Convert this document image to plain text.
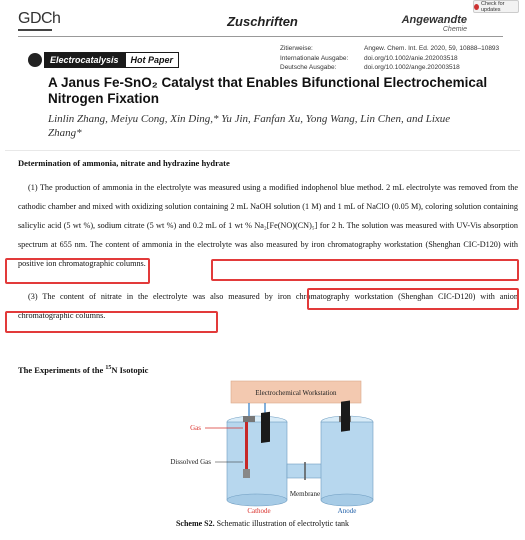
GDCh	Zuschriften	Angewandte
Chemie
Check for updates
Electrocatalysis	Hot Paper
Zitierweise:	Angew. Chem. Int. Ed. 2020, 59, 10888–10893
Internationale Ausgabe: doi.org/10.1002/anie.202003518
Deutsche Ausgabe:	doi.org/10.1002/ange.202003518
A Janus Fe-SnO₂ Catalyst that Enables Bifunctional Electrochemical Nitrogen Fixation
Linlin Zhang, Meiyu Cong, Xin Ding,* Yu Jin, Fanfan Xu, Yong Wang, Lin Chen, and Lixue Zhang*
Determination of ammonia, nitrate and hydrazine hydrate

(1) The production of ammonia in the electrolyte was measured using a modified indophenol blue method. 2 mL electrolyte was removed from the cathodic chamber and mixed with oxidizing solution containing 2 mL NaOH solution (1 M) and 1 mL of NaClO (0.05 M), coloring solution containing salicylic acid (5 wt %), sodium citrate (5 wt %) and 0.2 mL of 1 wt % Na₂[Fe(NO)(CN)₅] for 2 h. The solution was measured with UV-Vis absorption spectrum at 655 nm. The content of ammonia in the electrolyte was also measured by iron chromatography workstation (Shenghan CIC-D120) with positive ion chromatographic columns.

(3) The content of nitrate in the electrolyte was also measured by iron chromatography workstation (Shenghan CIC-D120) with anion chromatographic columns.

The Experiments of the $^{15}$N Isotopic
Electrochemical Workstation
Gas
Dissolved Gas
Membrane
Cathode	Anode
Scheme S2. Schematic illustration of electrolytic tank
